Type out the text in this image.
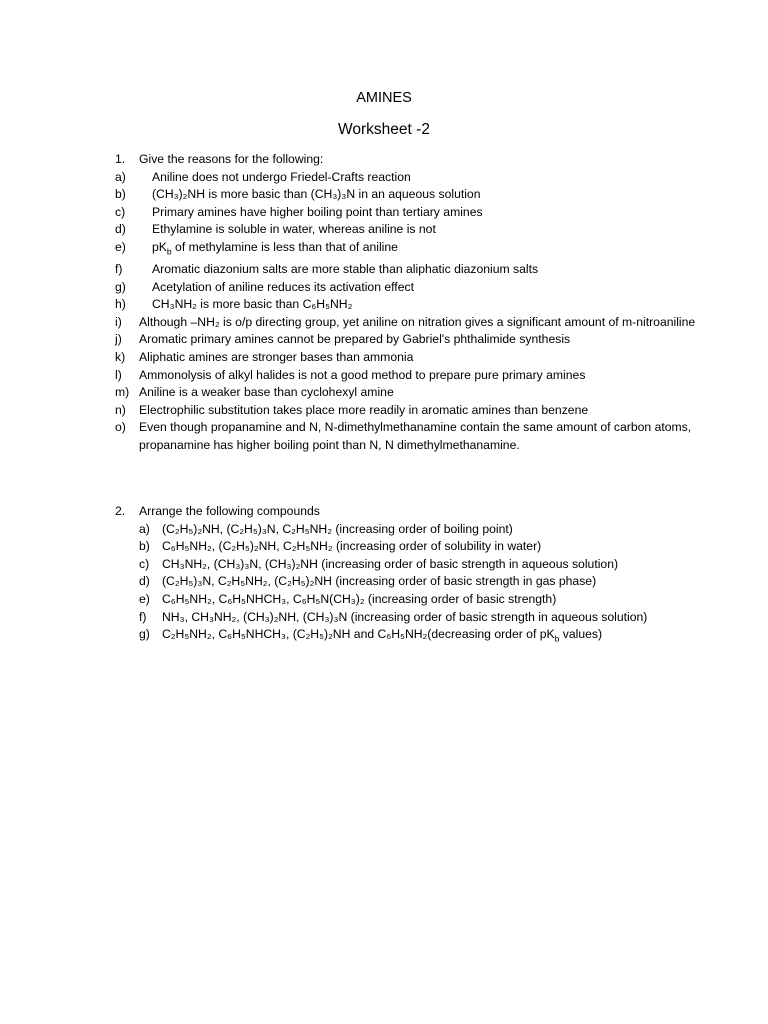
AMINES
Worksheet -2
1. Give the reasons for the following:
a) Aniline does not undergo Friedel-Crafts reaction
b) (CH₃)₂NH is more basic than (CH₃)₃N in an aqueous solution
c) Primary amines have higher boiling point than tertiary amines
d) Ethylamine is soluble in water, whereas aniline is not
e) $pK_b$ of methylamine is less than that of aniline
f) Aromatic diazonium salts are more stable than aliphatic diazonium salts
g) Acetylation of aniline reduces its activation effect
h) CH₃NH₂ is more basic than C₆H₅NH₂
i) Although –NH₂ is o/p directing group, yet aniline on nitration gives a significant amount of m-nitroaniline
j) Aromatic primary amines cannot be prepared by Gabriel's phthalimide synthesis
k) Aliphatic amines are stronger bases than ammonia
l) Ammonolysis of alkyl halides is not a good method to prepare pure primary amines
m) Aniline is a weaker base than cyclohexyl amine
n) Electrophilic substitution takes place more readily in aromatic amines than benzene
o) Even though propanamine and N, N-dimethylmethanamine contain the same amount of carbon atoms, propanamine has higher boiling point than N, N dimethylmethanamine.
2. Arrange the following compounds
a) (C₂H₅)₂NH, (C₂H₅)₃N, C₂H₅NH₂ (increasing order of boiling point)
b) C₆H₅NH₂, (C₂H₅)₂NH, C₂H₅NH₂ (increasing order of solubility in water)
c) CH₃NH₂, (CH₃)₃N, (CH₃)₂NH (increasing order of basic strength in aqueous solution)
d) (C₂H₅)₃N, C₂H₅NH₂, (C₂H₅)₂NH (increasing order of basic strength in gas phase)
e) C₆H₅NH₂, C₆H₅NHCH₃, C₆H₅N(CH₃)₂ (increasing order of basic strength)
f) NH₃, CH₃NH₂, (CH₃)₂NH, (CH₃)₃N (increasing order of basic strength in aqueous solution)
g) C₂H₅NH₂, C₆H₅NHCH₃, (C₂H₅)₂NH and C₆H₅NH₂(decreasing order of $pK_b$ values)
